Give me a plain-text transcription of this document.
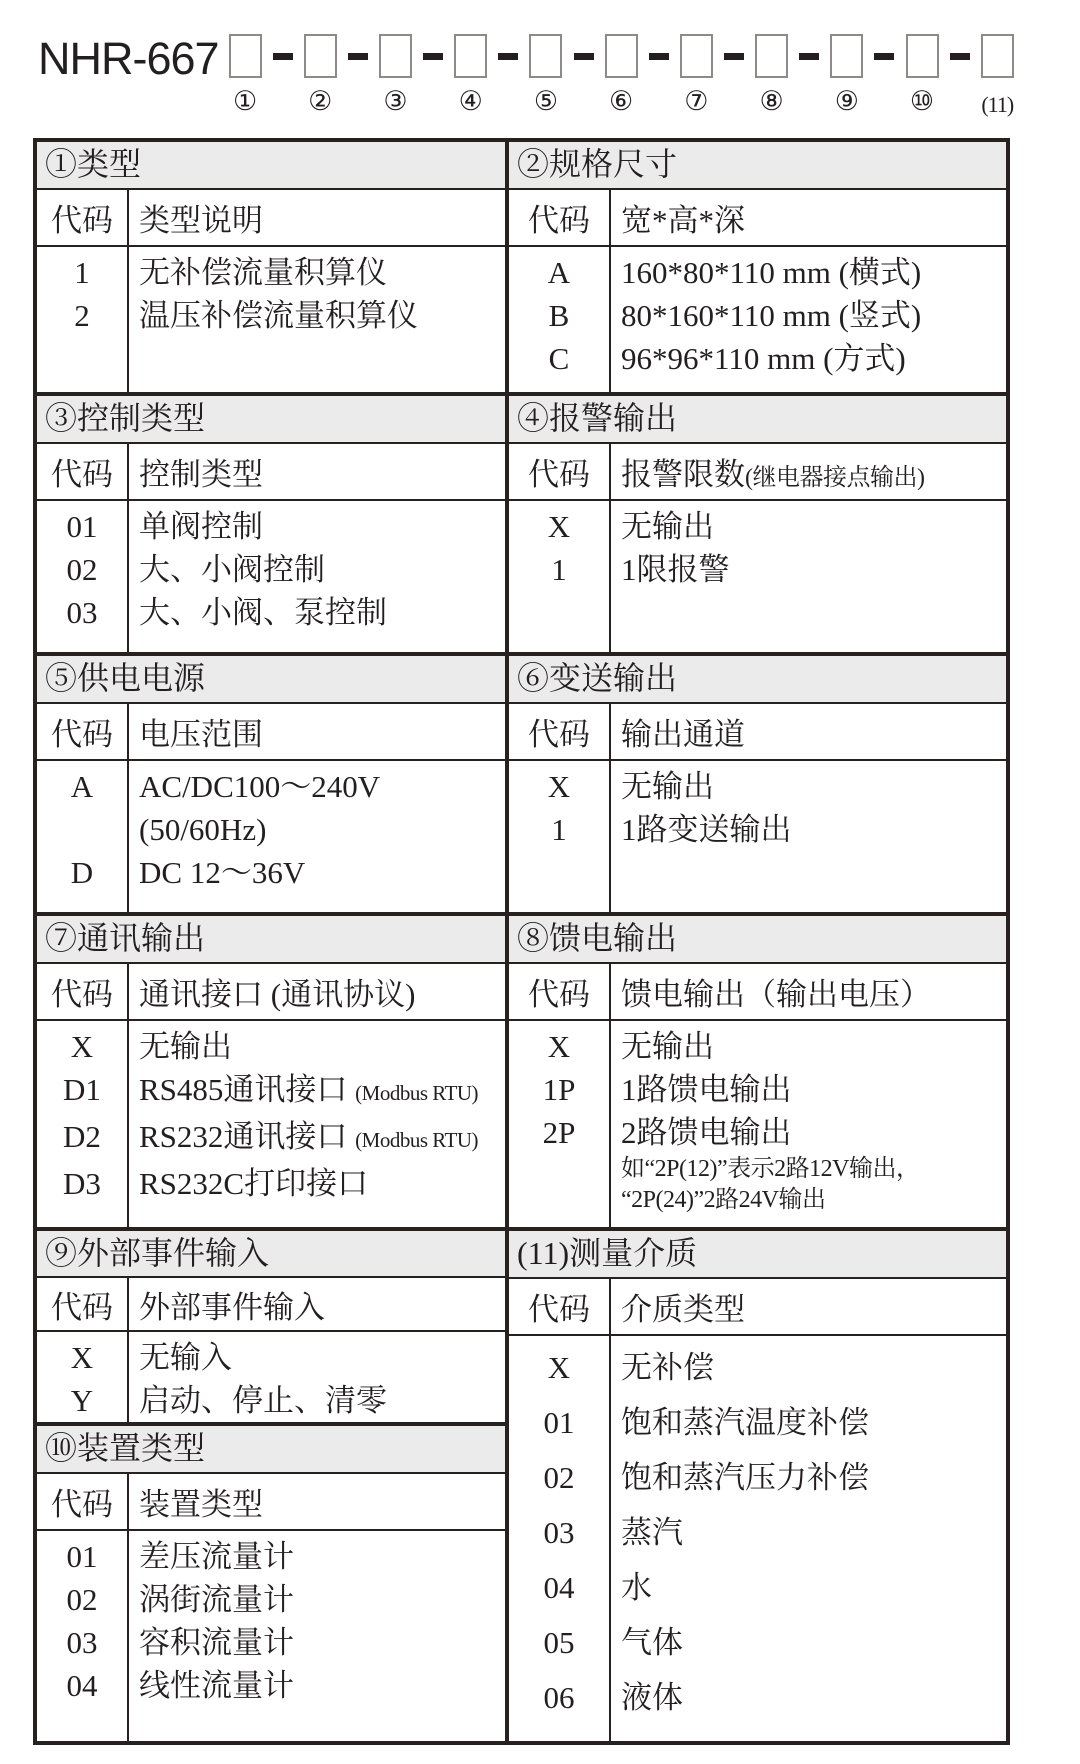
NHR-667
① ② ③ ④ ⑤ ⑥ ⑦ ⑧ ⑨ ⑩ (11)
①类型
代码 类型说明
1	无补偿流量积算仪
2	温压补偿流量积算仪
③控制类型
代码 控制类型
01	单阀控制
02	大、小阀控制
03	大、小阀、泵控制
⑤供电电源
代码 电压范围
A	AC/DC100～240V
(50/60Hz)
D	DC 12～36V
⑦通讯输出
代码 通讯接口 (通讯协议)
X	无输出
D1	RS485通讯接口 (Modbus RTU)
D2	RS232通讯接口 (Modbus RTU)
D3	RS232C打印接口
⑨外部事件输入
代码 外部事件输入
X	无输入
Y	启动、停止、清零
⑩装置类型
代码 装置类型
01	差压流量计
02	涡街流量计
03	容积流量计
04	线性流量计
②规格尺寸
代码	宽*高*深
A	160*80*110 mm (横式)
B	80*160*110 mm (竖式)
C	96*96*110 mm (方式)
④报警输出
代码	报警限数(继电器接点输出)
X	无输出
1	1限报警
⑥变送输出
代码	输出通道
X	无输出
1	1路变送输出
⑧馈电输出
代码	馈电输出（输出电压）
X	无输出
1P	1路馈电输出
2P	2路馈电输出
如“2P(12)”表示2路12V输出，
“2P(24)”2路24V输出
(11)测量介质
代码	介质类型
X	无补偿
01	饱和蒸汽温度补偿
02	饱和蒸汽压力补偿
03	蒸汽
04	水
05	气体
06	液体
